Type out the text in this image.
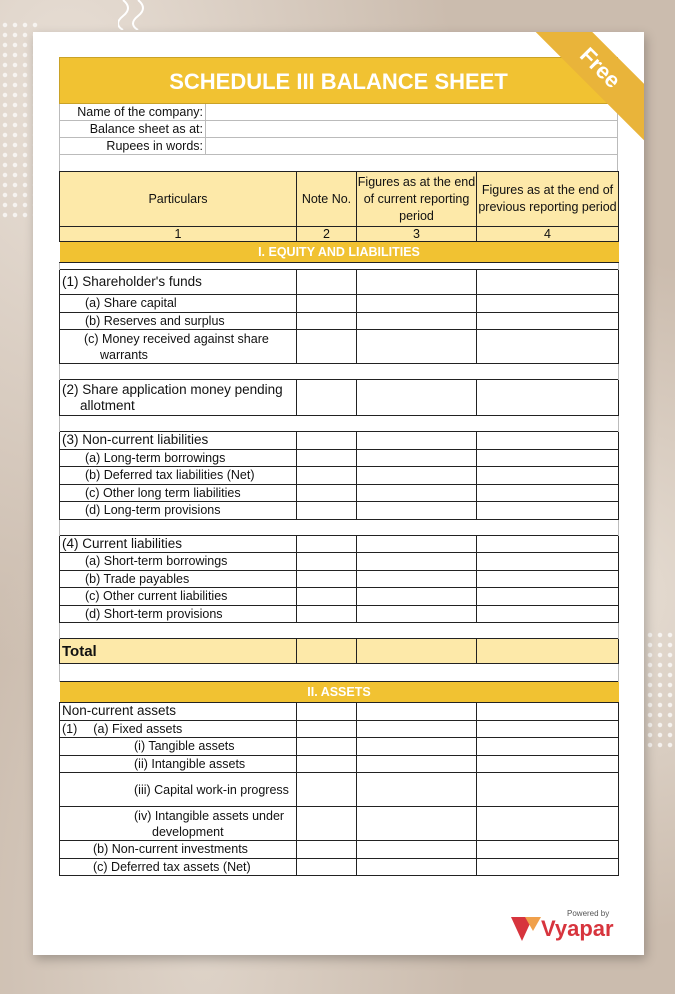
Free
SCHEDULE III BALANCE SHEET
Name of the company:
Balance sheet as at:
Rupees in words:
Particulars	Note No.	Figures as at the end of current reporting period	Figures as at the end of previous reporting period
1	2	3	4
I. EQUITY AND LIABILITIES			

(1) Shareholder's funds			
(a) Share capital			
(b) Reserves and surplus			
(c) Money received against share warrants			

(2) Share application money pending allotment			

(3) Non-current liabilities			
(a) Long-term borrowings			
(b) Deferred tax liabilities (Net)			
(c) Other long term liabilities			
(d) Long-term provisions			

(4) Current liabilities			
(a) Short-term borrowings			
(b) Trade payables			
(c) Other current liabilities			
(d) Short-term provisions			

Total			

II. ASSETS			
Non-current assets			
(1) (a) Fixed assets			
(i) Tangible assets			
(ii) Intangible assets			
(iii) Capital work-in progress			
(iv) Intangible assets under development			
(b) Non-current investments			
(c) Deferred tax assets (Net)			
Powered by
Vyapar
